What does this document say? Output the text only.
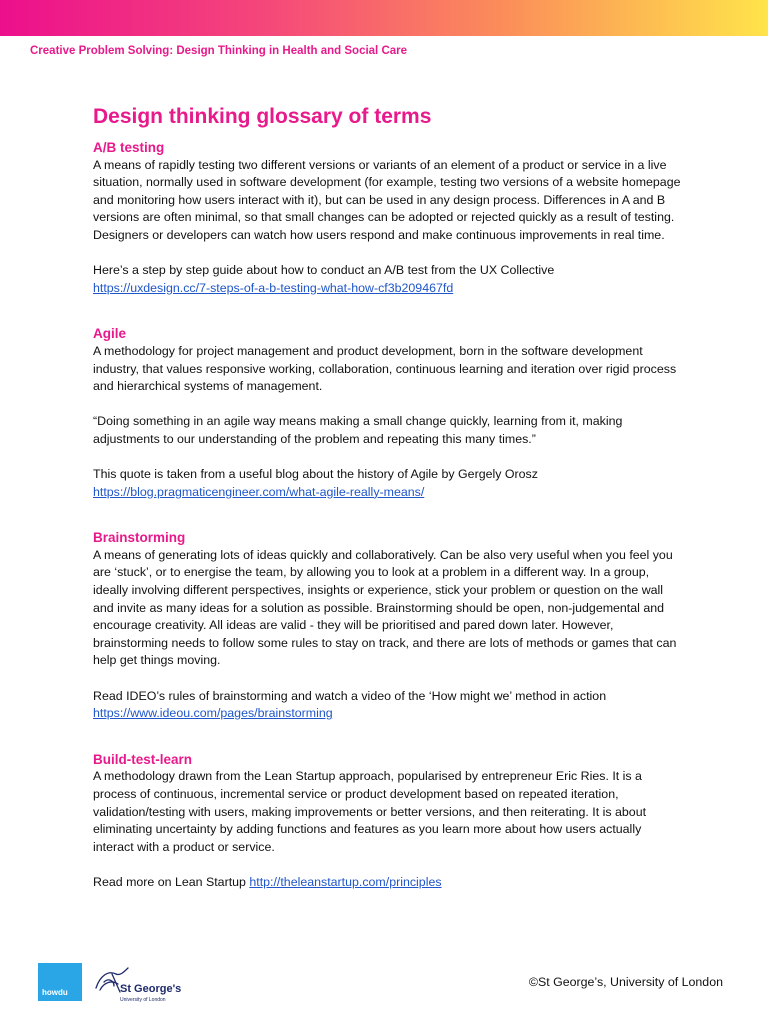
Creative Problem Solving: Design Thinking in Health and Social Care
Design thinking glossary of terms
A/B testing

A means of rapidly testing two different versions or variants of an element of a product or service in a live situation, normally used in software development (for example, testing two versions of a website homepage and monitoring how users interact with it), but can be used in any design process. Differences in A and B versions are often minimal, so that small changes can be adopted or rejected quickly as a result of testing. Designers or developers can watch how users respond and make continuous improvements in real time.

Here’s a step by step guide about how to conduct an A/B test from the UX Collective

https://uxdesign.cc/7-steps-of-a-b-testing-what-how-cf3b209467fd

Agile

A methodology for project management and product development, born in the software development industry, that values responsive working, collaboration, continuous learning and iteration over rigid process and hierarchical systems of management.

“Doing something in an agile way means making a small change quickly, learning from it, making adjustments to our understanding of the problem and repeating this many times.”

This quote is taken from a useful blog about the history of Agile by Gergely Orosz

https://blog.pragmaticengineer.com/what-agile-really-means/

Brainstorming

A means of generating lots of ideas quickly and collaboratively. Can be also very useful when you feel you are ‘stuck’, or to energise the team, by allowing you to look at a problem in a different way. In a group, ideally involving different perspectives, insights or experience, stick your problem or question on the wall and invite as many ideas for a solution as possible. Brainstorming should be open, non-judgemental and encourage creativity. All ideas are valid - they will be prioritised and pared down later. However, brainstorming needs to follow some rules to stay on track, and there are lots of methods or games that can help get things moving.

Read IDEO’s rules of brainstorming and watch a video of the ‘How might we’ method in action

https://www.ideou.com/pages/brainstorming

Build-test-learn

A methodology drawn from the Lean Startup approach, popularised by entrepreneur Eric Ries. It is a process of continuous, incremental service or product development based on repeated iteration, validation/testing with users, making improvements or better versions, and then reiterating. It is about eliminating uncertainty by adding functions and features as you learn more about how users actually interact with a product or service.

Read more on Lean Startup http://theleanstartup.com/principles

howdu	St George's
University of London
©St George’s, University of London
